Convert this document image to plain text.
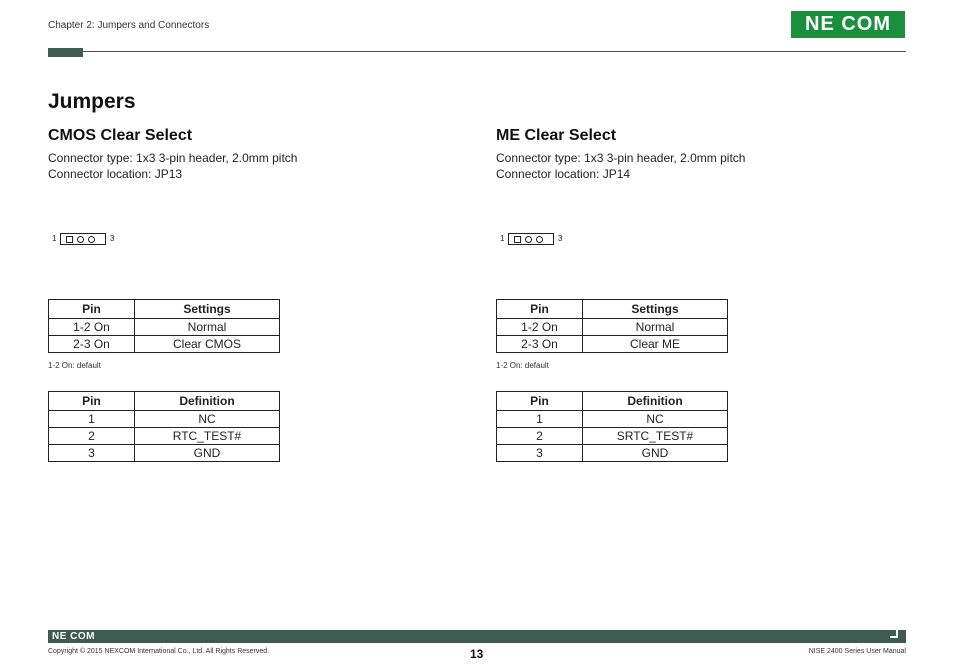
Chapter 2: Jumpers and Connectors	NE COM
Jumpers
CMOS Clear Select
Connector type: 1x3 3-pin header, 2.0mm pitch
Connector location: JP13
1	3
Pin	Settings
1-2 On	Normal
2-3 On	Clear CMOS
1-2 On: default
Pin	Definition
1	NC
2	RTC_TEST#
3	GND
ME Clear Select
Connector type: 1x3 3-pin header, 2.0mm pitch
Connector location: JP14
1	3
Pin	Settings
1-2 On	Normal
2-3 On	Clear ME
1-2 On: default
Pin	Definition
1	NC
2	SRTC_TEST#
3	GND
NE COM
Copyright © 2015 NEXCOM International Co., Ltd. All Rights Reserved.	13	NISE 2400 Series User Manual
